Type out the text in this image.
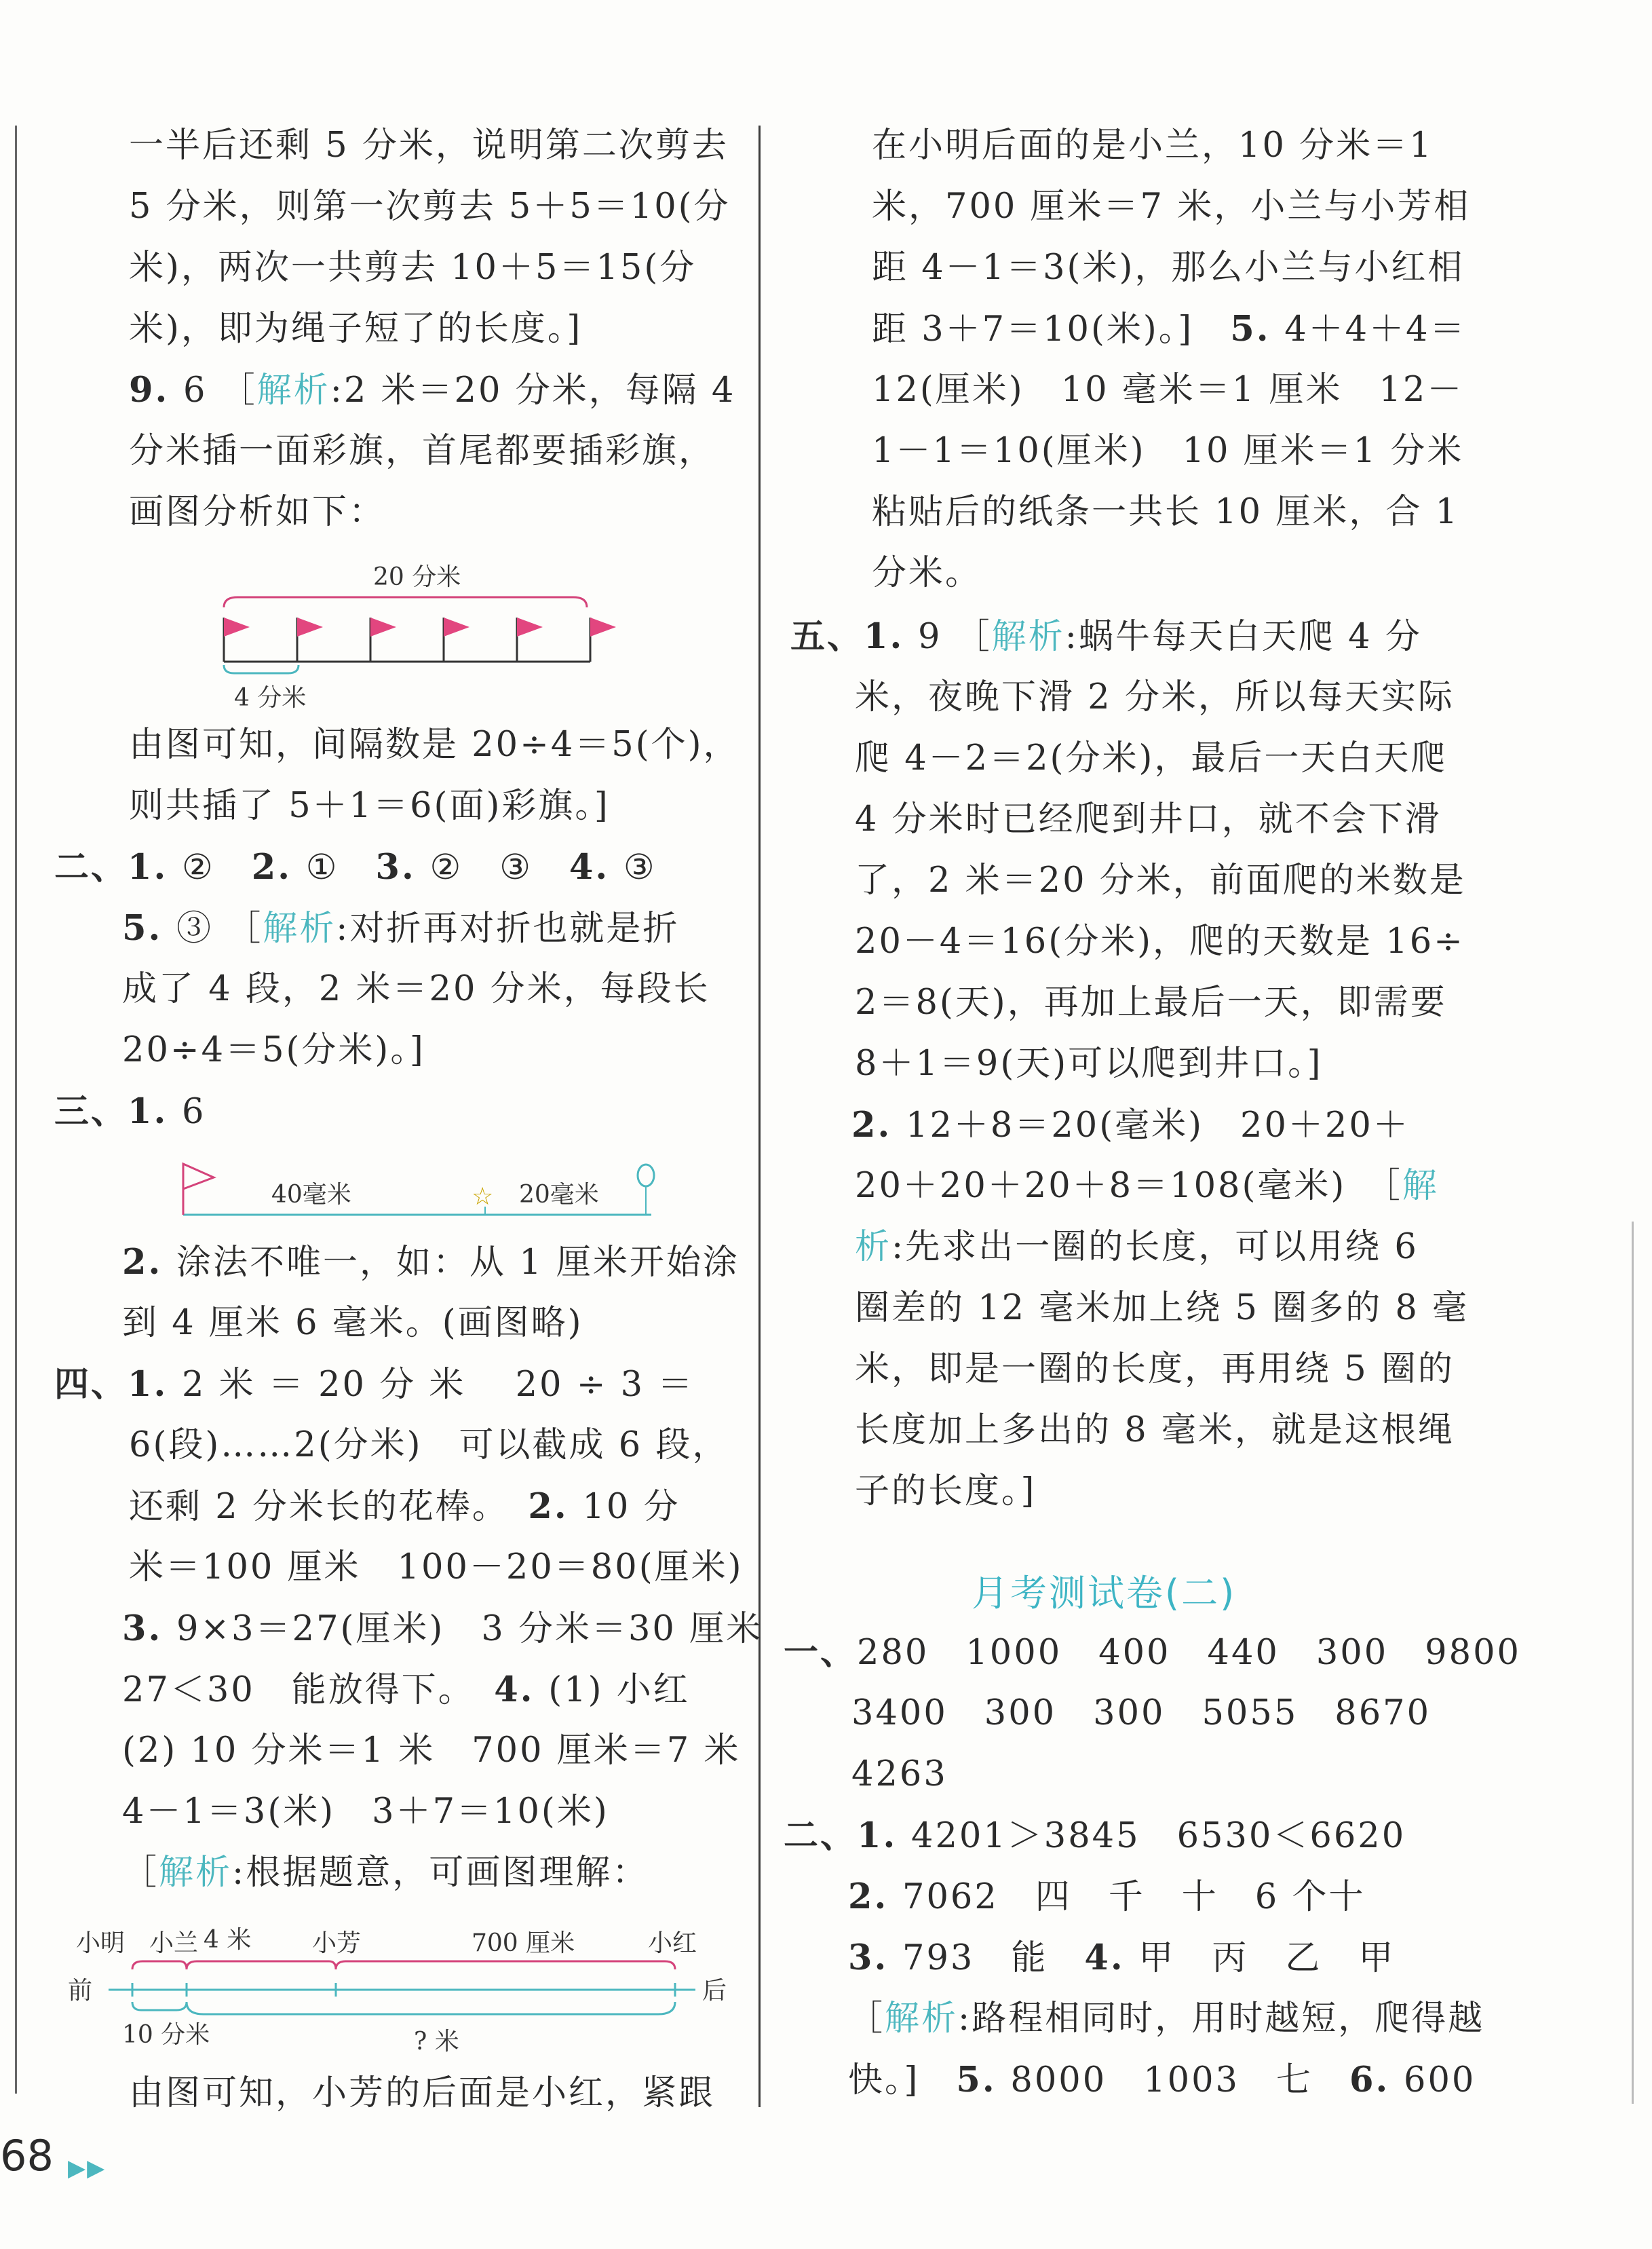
一半后还剩 5 分米，说明第二次剪去
5 分米，则第一次剪去 5＋5＝10(分
米)，两次一共剪去 10＋5＝15(分
米)，即为绳子短了的长度。]
9. 6 ［解析:2 米＝20 分米，每隔 4
分米插一面彩旗，首尾都要插彩旗，
画图分析如下：
由图可知，间隔数是 20÷4＝5(个)，
则共插了 5＋1＝6(面)彩旗。]
二、1. ②　2. ①　3. ②　③　4. ③
5. ③ ［解析:对折再对折也就是折
成了 4 段，2 米＝20 分米，每段长
20÷4＝5(分米)。]
三、1. 6
2. 涂法不唯一，如：从 1 厘米开始涂
到 4 厘米 6 毫米。(画图略)
四、1. 2 米 ＝ 20 分 米　 20 ÷ 3 ＝
6(段)……2(分米)　可以截成 6 段，
还剩 2 分米长的花棒。　2. 10 分
米＝100 厘米　100－20＝80(厘米)
3. 9×3＝27(厘米)　3 分米＝30 厘米
27＜30　能放得下。　4. (1) 小红
(2) 10 分米＝1 米　700 厘米＝7 米
4－1＝3(米)　3＋7＝10(米)
［解析:根据题意，可画图理解：
由图可知，小芳的后面是小红，紧跟
在小明后面的是小兰，10 分米＝1
米，700 厘米＝7 米，小兰与小芳相
距 4－1＝3(米)，那么小兰与小红相
距 3＋7＝10(米)。]　5. 4＋4＋4＝
12(厘米)　10 毫米＝1 厘米　12－
1－1＝10(厘米)　10 厘米＝1 分米
粘贴后的纸条一共长 10 厘米，合 1
分米。
五、1. 9 ［解析:蜗牛每天白天爬 4 分
米，夜晚下滑 2 分米，所以每天实际
爬 4－2＝2(分米)，最后一天白天爬
4 分米时已经爬到井口，就不会下滑
了，2 米＝20 分米，前面爬的米数是
20－4＝16(分米)，爬的天数是 16÷
2＝8(天)，再加上最后一天，即需要
8＋1＝9(天)可以爬到井口。]
2. 12＋8＝20(毫米)　20＋20＋
20＋20＋20＋8＝108(毫米)　［解
析:先求出一圈的长度，可以用绕 6
圈差的 12 毫米加上绕 5 圈多的 8 毫
米，即是一圈的长度，再用绕 5 圈的
长度加上多出的 8 毫米，就是这根绳
子的长度。]
一、280　1000　400　440　300　9800
3400　300　300　5055　8670
4263
二、1. 4201＞3845　6530＜6620
2. 7062　四　千　十　6 个十
3. 793　能　4. 甲　丙　乙　甲
［解析:路程相同时，用时越短，爬得越
快。]　5. 8000　1003　七　6. 600
月考测试卷(二)
20 分米
4 分米
40毫米	☆ 20毫米
小明 小兰 4 米 小芳	700 厘米	小红
前	后
10 分米	? 米
68 ▶▶
